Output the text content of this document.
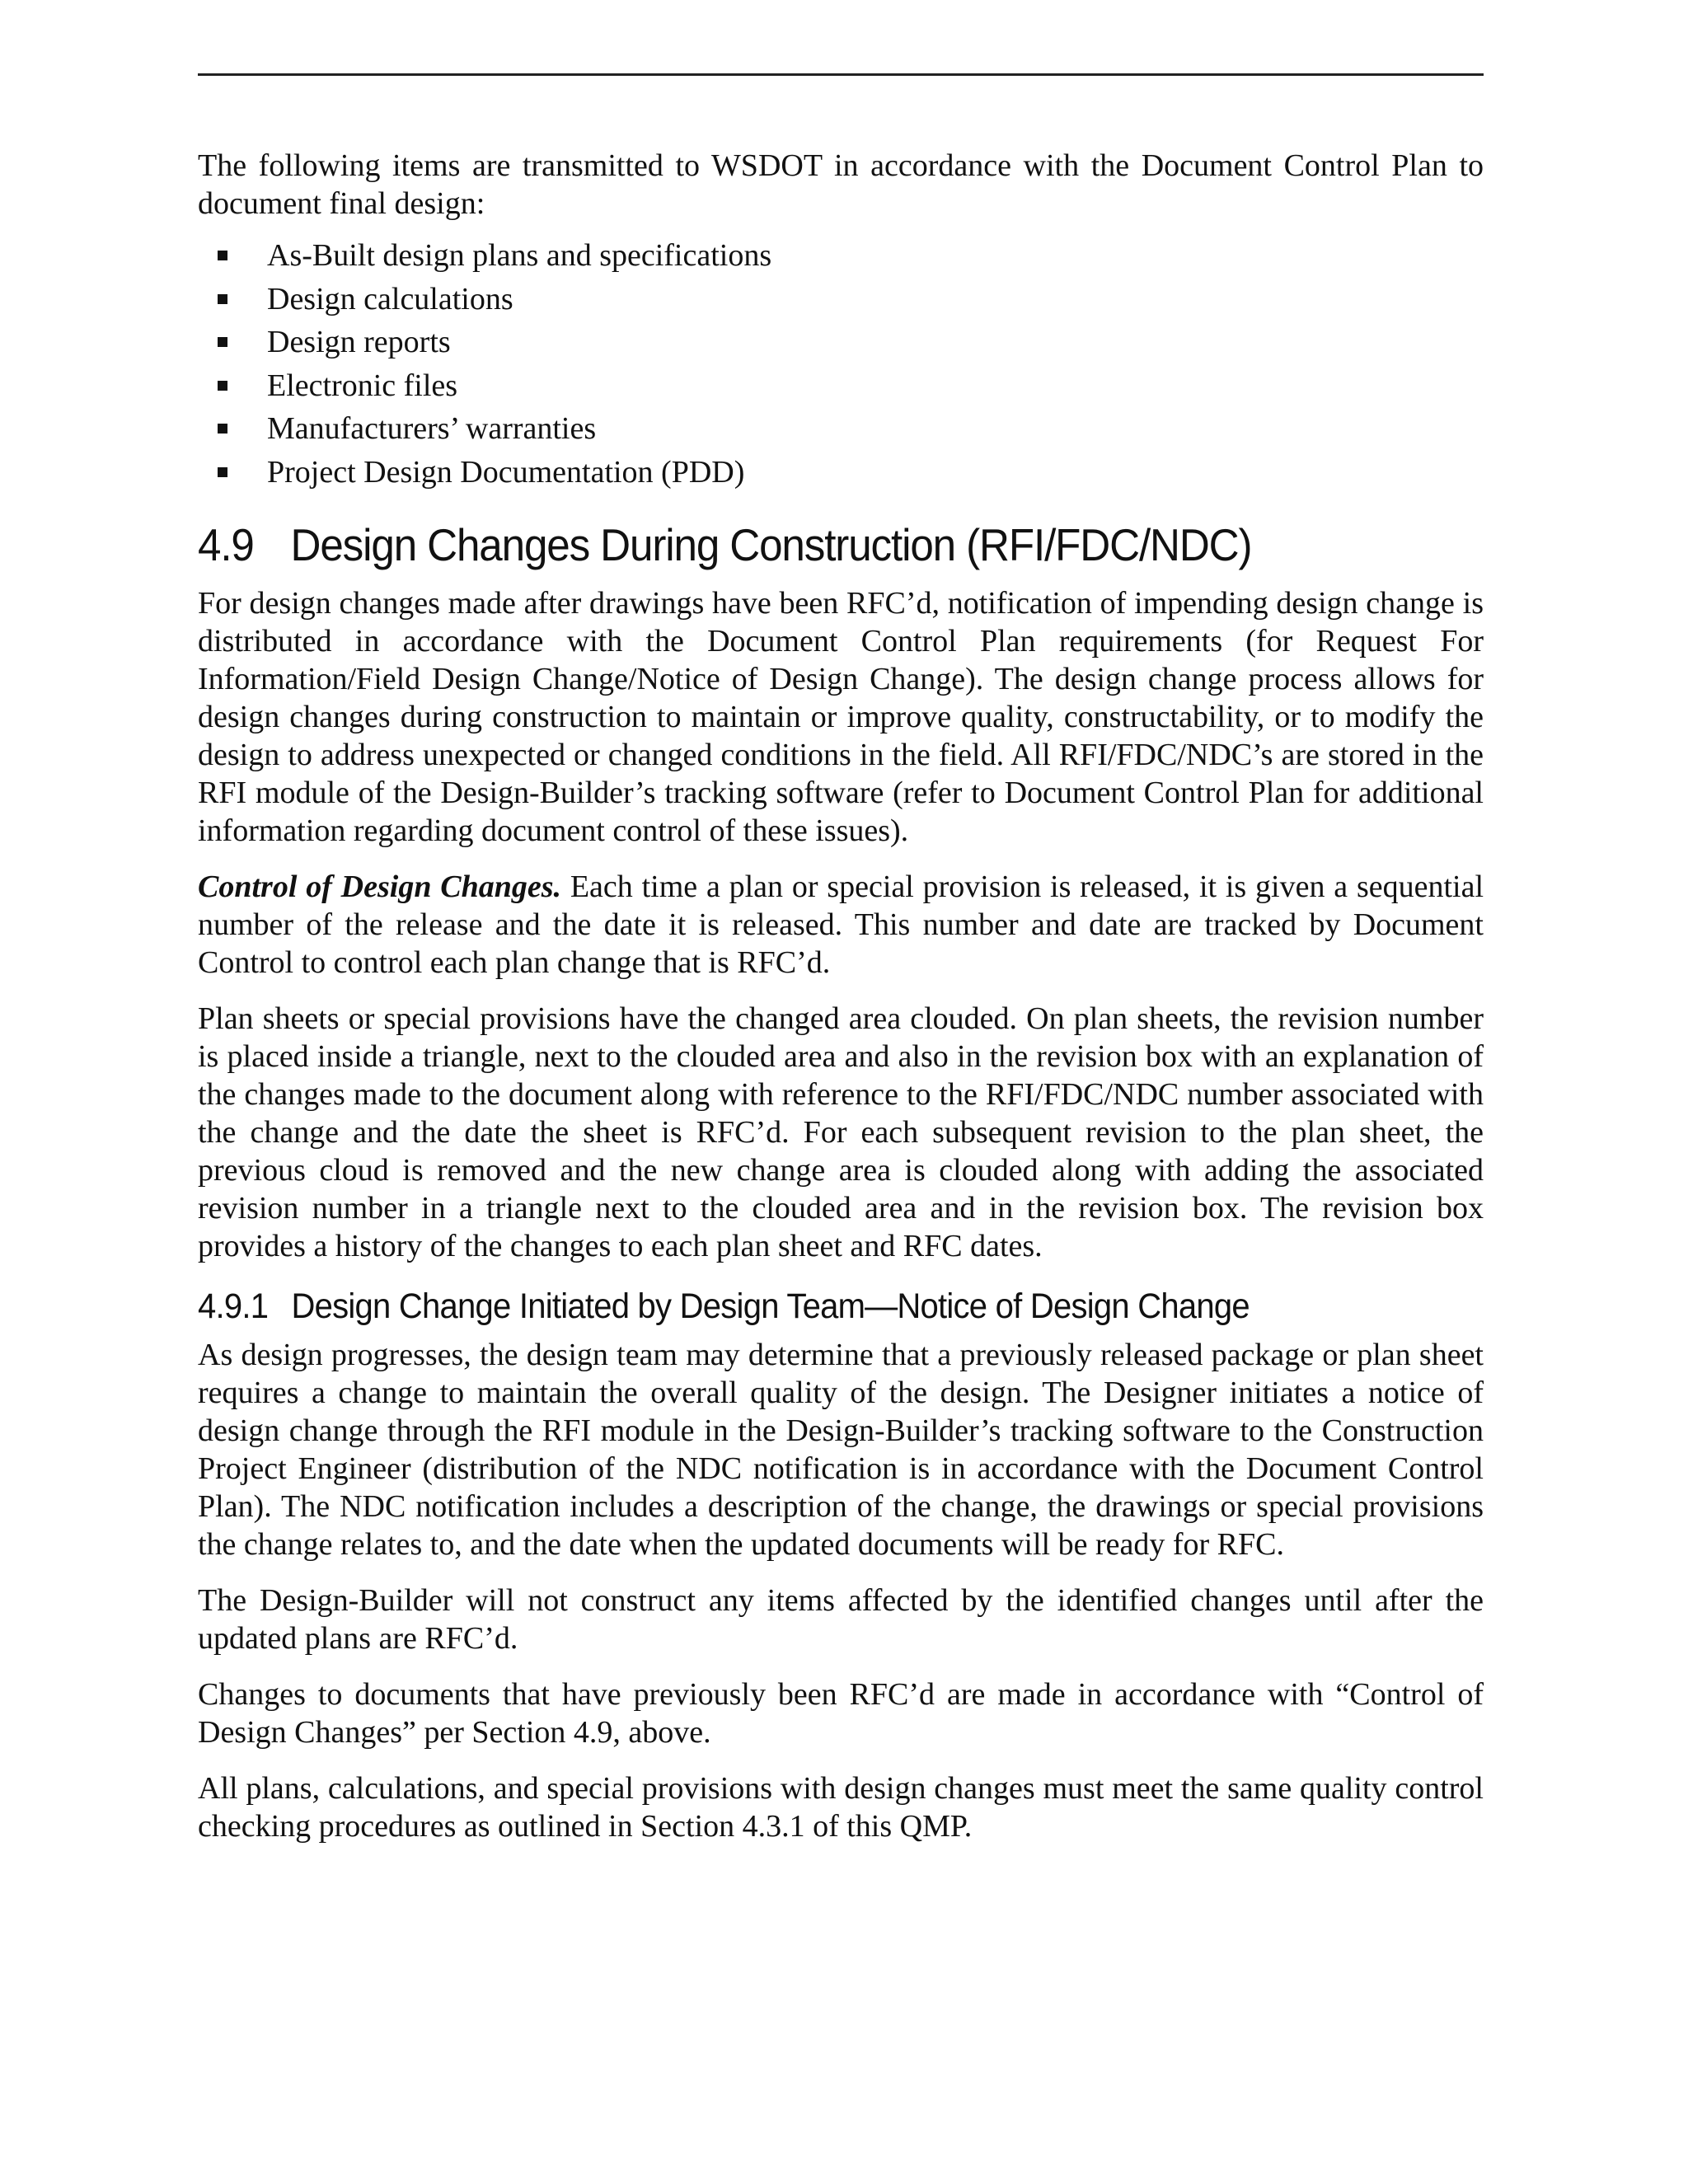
The following items are transmitted to WSDOT in accordance with the Document Control Plan to document final design:

As-Built design plans and specifications
Design calculations
Design reports
Electronic files
Manufacturers’ warranties
Project Design Documentation (PDD)
4.9 Design Changes During Construction (RFI/FDC/NDC)

For design changes made after drawings have been RFC’d, notification of impending design change is distributed in accordance with the Document Control Plan requirements (for Request For Information/Field Design Change/Notice of Design Change). The design change process allows for design changes during construction to maintain or improve quality, constructability, or to modify the design to address unexpected or changed conditions in the field. All RFI/FDC/NDC’s are stored in the RFI module of the Design-Builder’s tracking software (refer to Document Control Plan for additional information regarding document control of these issues).

Control of Design Changes. Each time a plan or special provision is released, it is given a sequential number of the release and the date it is released. This number and date are tracked by Document Control to control each plan change that is RFC’d.

Plan sheets or special provisions have the changed area clouded. On plan sheets, the revision number is placed inside a triangle, next to the clouded area and also in the revision box with an explanation of the changes made to the document along with reference to the RFI/FDC/NDC number associated with the change and the date the sheet is RFC’d. For each subsequent revision to the plan sheet, the previous cloud is removed and the new change area is clouded along with adding the associated revision number in a triangle next to the clouded area and in the revision box. The revision box provides a history of the changes to each plan sheet and RFC dates.

4.9.1 Design Change Initiated by Design Team—Notice of Design Change

As design progresses, the design team may determine that a previously released package or plan sheet requires a change to maintain the overall quality of the design. The Designer initiates a notice of design change through the RFI module in the Design-Builder’s tracking software to the Construction Project Engineer (distribution of the NDC notification is in accordance with the Document Control Plan). The NDC notification includes a description of the change, the drawings or special provisions the change relates to, and the date when the updated documents will be ready for RFC.

The Design-Builder will not construct any items affected by the identified changes until after the updated plans are RFC’d.

Changes to documents that have previously been RFC’d are made in accordance with “Control of Design Changes” per Section 4.9, above.

All plans, calculations, and special provisions with design changes must meet the same quality control checking procedures as outlined in Section 4.3.1 of this QMP.
